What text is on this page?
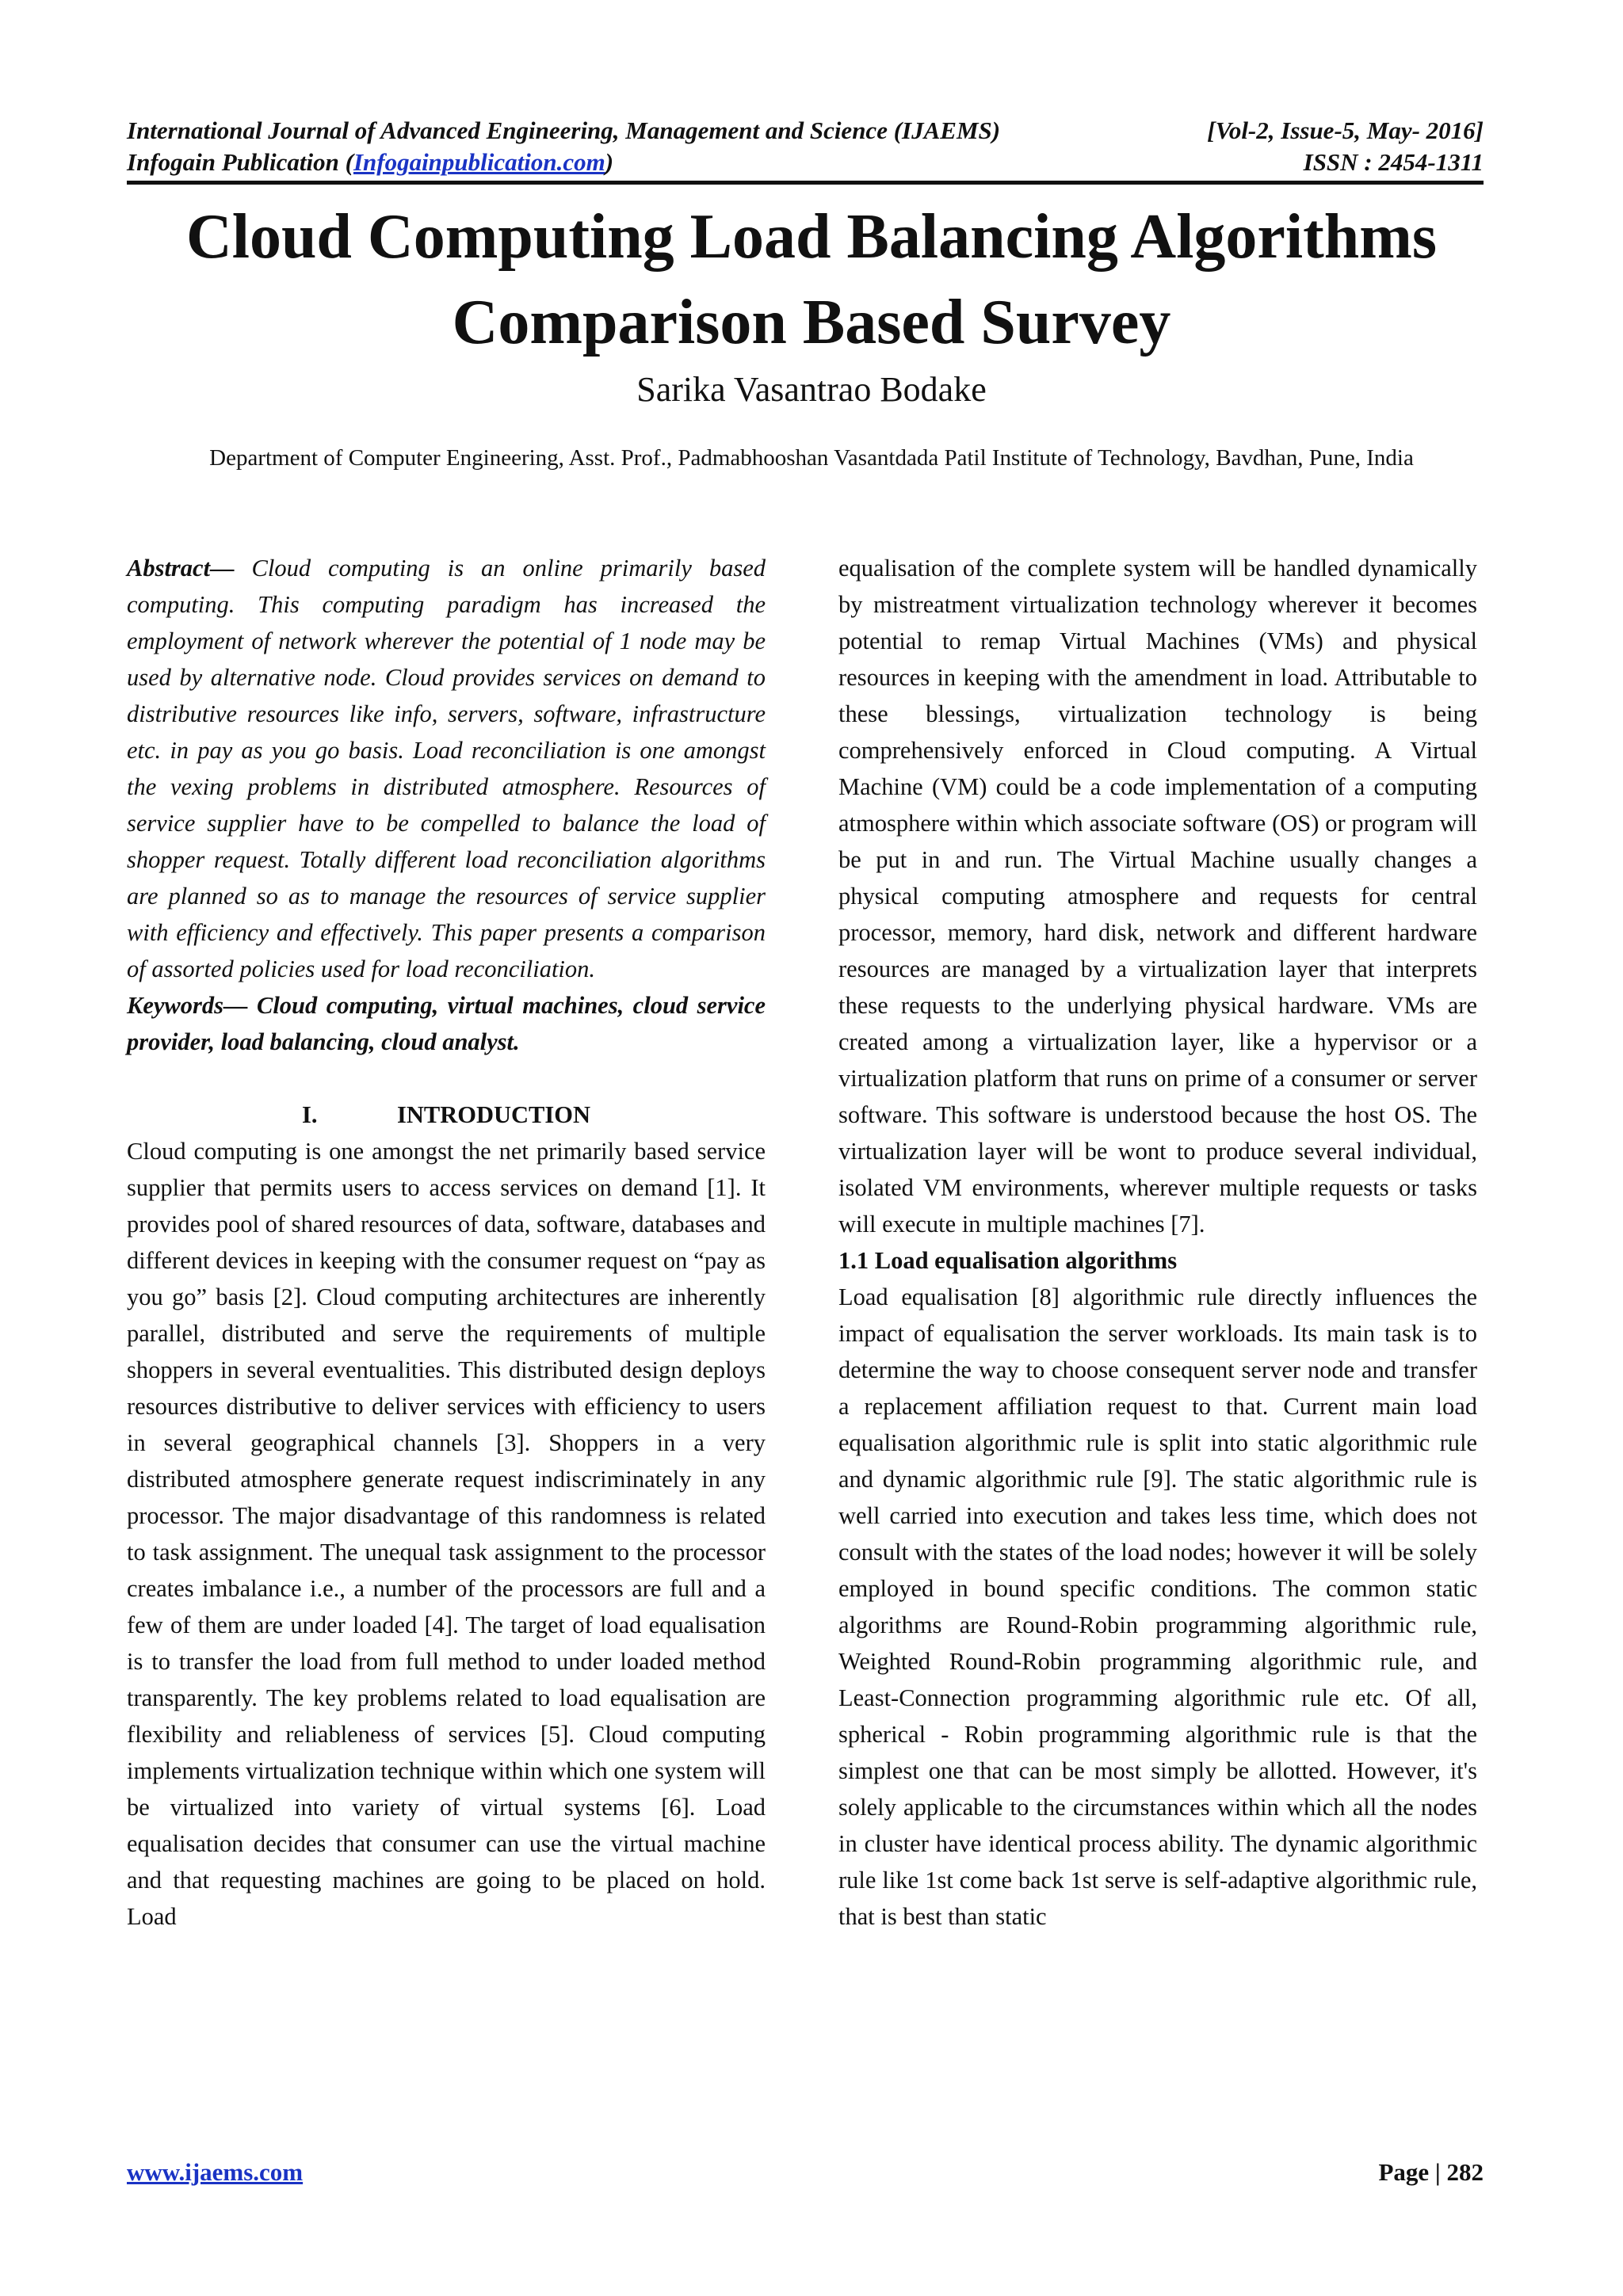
International Journal of Advanced Engineering, Management and Science (IJAEMS)	[Vol-2, Issue-5, May- 2016]
Infogain Publication (Infogainpublication.com)	ISSN : 2454-1311
Cloud Computing Load Balancing Algorithms
Comparison Based Survey
Sarika Vasantrao Bodake
Department of Computer Engineering, Asst. Prof., Padmabhooshan Vasantdada Patil Institute of Technology, Bavdhan, Pune, India

Abstract— Cloud computing is an online primarily based computing. This computing paradigm has increased the employment of network wherever the potential of 1 node may be used by alternative node. Cloud provides services on demand to distributive resources like info, servers, software, infrastructure etc. in pay as you go basis. Load reconciliation is one amongst the vexing problems in distributed atmosphere. Resources of service supplier have to be compelled to balance the load of shopper request. Totally different load reconciliation algorithms are planned so as to manage the resources of service supplier with efficiency and effectively. This paper presents a comparison of assorted policies used for load reconciliation.

Keywords— Cloud computing, virtual machines, cloud service provider, load balancing, cloud analyst.

I.	INTRODUCTION

Cloud computing is one amongst the net primarily based service supplier that permits users to access services on demand [1]. It provides pool of shared resources of data, software, databases and different devices in keeping with the consumer request on “pay as you go” basis [2]. Cloud computing architectures are inherently parallel, distributed and serve the requirements of multiple shoppers in several eventualities. This distributed design deploys resources distributive to deliver services with efficiency to users in several geographical channels [3]. Shoppers in a very distributed atmosphere generate request indiscriminately in any processor. The major disadvantage of this randomness is related to task assignment. The unequal task assignment to the processor creates imbalance i.e., a number of the processors are full and a few of them are under loaded [4]. The target of load equalisation is to transfer the load from full method to under loaded method transparently. The key problems related to load equalisation are flexibility and reliableness of services [5]. Cloud computing implements virtualization technique within which one system will be virtualized into variety of virtual systems [6]. Load equalisation decides that consumer can use the virtual machine and that requesting machines are going to be placed on hold. Load

equalisation of the complete system will be handled dynamically by mistreatment virtualization technology wherever it becomes potential to remap Virtual Machines (VMs) and physical resources in keeping with the amendment in load. Attributable to these blessings, virtualization technology is being comprehensively enforced in Cloud computing. A Virtual Machine (VM) could be a code implementation of a computing atmosphere within which associate software (OS) or program will be put in and run. The Virtual Machine usually changes a physical computing atmosphere and requests for central processor, memory, hard disk, network and different hardware resources are managed by a virtualization layer that interprets these requests to the underlying physical hardware. VMs are created among a virtualization layer, like a hypervisor or a virtualization platform that runs on prime of a consumer or server software. This software is understood because the host OS. The virtualization layer will be wont to produce several individual, isolated VM environments, wherever multiple requests or tasks will execute in multiple machines [7].

1.1 Load equalisation algorithms

Load equalisation [8] algorithmic rule directly influences the impact of equalisation the server workloads. Its main task is to determine the way to choose consequent server node and transfer a replacement affiliation request to that. Current main load equalisation algorithmic rule is split into static algorithmic rule and dynamic algorithmic rule [9]. The static algorithmic rule is well carried into execution and takes less time, which does not consult with the states of the load nodes; however it will be solely employed in bound specific conditions. The common static algorithms are Round-Robin programming algorithmic rule, Weighted Round-Robin programming algorithmic rule, and Least-Connection programming algorithmic rule etc. Of all, spherical - Robin programming algorithmic rule is that the simplest one that can be most simply be allotted. However, it's solely applicable to the circumstances within which all the nodes in cluster have identical process ability. The dynamic algorithmic rule like 1st come back 1st serve is self-adaptive algorithmic rule, that is best than static

www.ijaems.com	Page | 282
